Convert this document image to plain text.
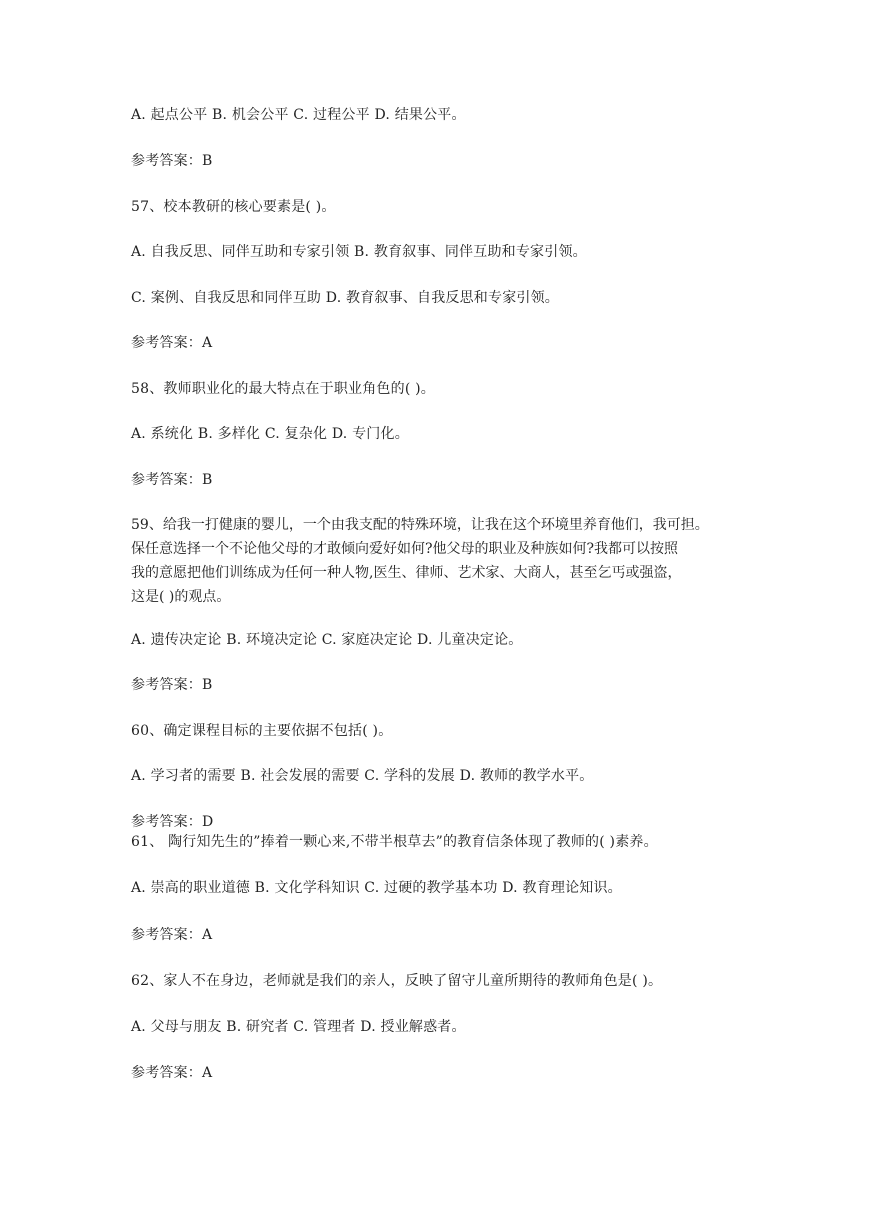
A. 起点公平 B. 机会公平 C. 过程公平 D. 结果公平。
参考答案：B
57、校本教研的核心要素是( )。
A. 自我反思、同伴互助和专家引领 B. 教育叙事、同伴互助和专家引领。
C. 案例、自我反思和同伴互助 D. 教育叙事、自我反思和专家引领。
参考答案：A
58、教师职业化的最大特点在于职业角色的( )。
A. 系统化 B. 多样化 C. 复杂化 D. 专门化。
参考答案：B
59、给我一打健康的婴儿，一个由我支配的特殊环境，让我在这个环境里养育他们，我可担。
保任意选择一个不论他父母的才敢倾向爱好如何?他父母的职业及种族如何?我都可以按照
我的意愿把他们训练成为任何一种人物,医生、律师、艺术家、大商人，甚至乞丐或强盗，
这是( )的观点。
A. 遗传决定论 B. 环境决定论 C. 家庭决定论 D. 儿童决定论。
参考答案：B
60、确定课程目标的主要依据不包括( )。
A. 学习者的需要 B. 社会发展的需要 C. 学科的发展 D. 教师的教学水平。
参考答案：D
61、 陶行知先生的”捧着一颗心来,不带半根草去”的教育信条体现了教师的( )素养。
A. 崇高的职业道德 B. 文化学科知识 C. 过硬的教学基本功 D. 教育理论知识。
参考答案：A
62、家人不在身边，老师就是我们的亲人，反映了留守儿童所期待的教师角色是( )。
A. 父母与朋友 B. 研究者 C. 管理者 D. 授业解惑者。
参考答案：A
